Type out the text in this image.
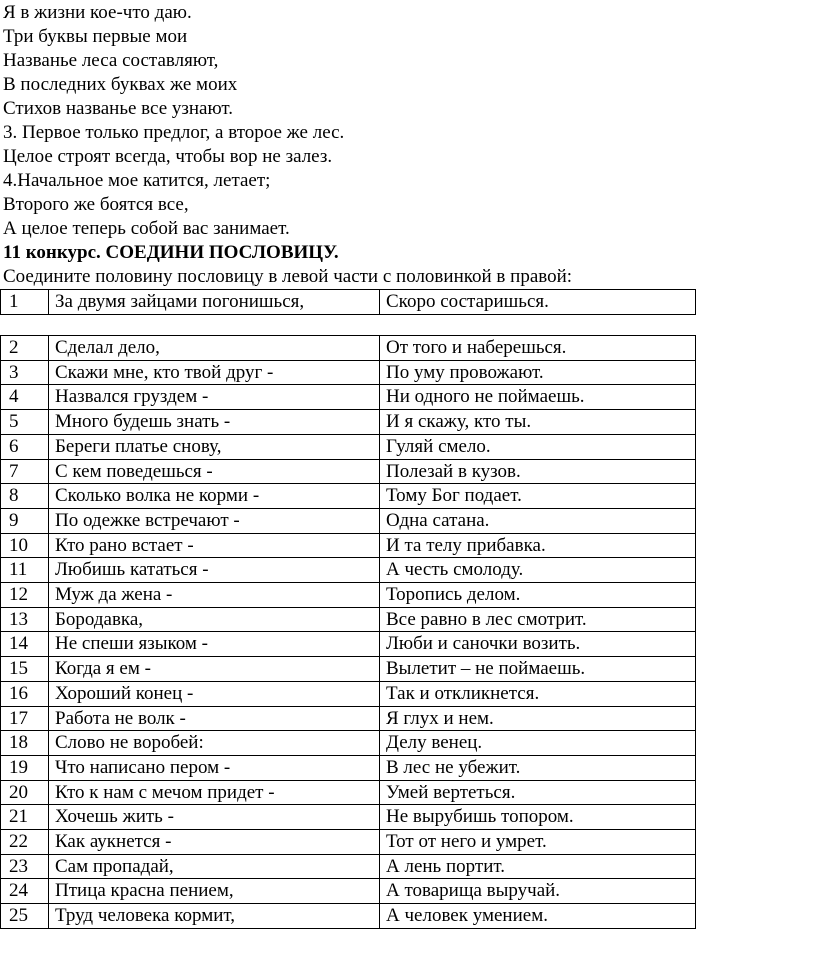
Я в жизни кое-что даю.
Три буквы первые мои
Названье леса составляют,
В последних буквах же моих
Стихов названье все узнают.
3. Первое только предлог, а второе же лес.
Целое строят всегда, чтобы вор не залез.
4.Начальное мое катится, летает;
Второго же боятся все,
А целое теперь собой вас занимает.
11 конкурс. СОЕДИНИ ПОСЛОВИЦУ.
Соедините половину пословицу в левой части с половинкой в правой:
1	За двумя зайцами погонишься,	Скоро состаришься.
2	Сделал дело,	От того и наберешься.
3	Скажи мне, кто твой друг -	По уму провожают.
4	Назвался груздем -	Ни одного не поймаешь.
5	Много будешь знать -	И я скажу, кто ты.
6	Береги платье снову,	Гуляй смело.
7	С кем поведешься -	Полезай в кузов.
8	Сколько волка не корми -	Тому Бог подает.
9	По одежке встречают -	Одна сатана.
10	Кто рано встает -	И та телу прибавка.
11	Любишь кататься -	А честь смолоду.
12	Муж да жена -	Торопись делом.
13	Бородавка,	Все равно в лес смотрит.
14	Не спеши языком -	Люби и саночки возить.
15	Когда я ем -	Вылетит – не поймаешь.
16	Хороший конец -	Так и откликнется.
17	Работа не волк -	Я глух и нем.
18	Слово не воробей:	Делу венец.
19	Что написано пером -	В лес не убежит.
20	Кто к нам с мечом придет -	Умей вертеться.
21	Хочешь жить -	Не вырубишь топором.
22	Как аукнется -	Тот от него и умрет.
23	Сам пропадай,	А лень портит.
24	Птица красна пением,	А товарища выручай.
25	Труд человека кормит,	А человек умением.
